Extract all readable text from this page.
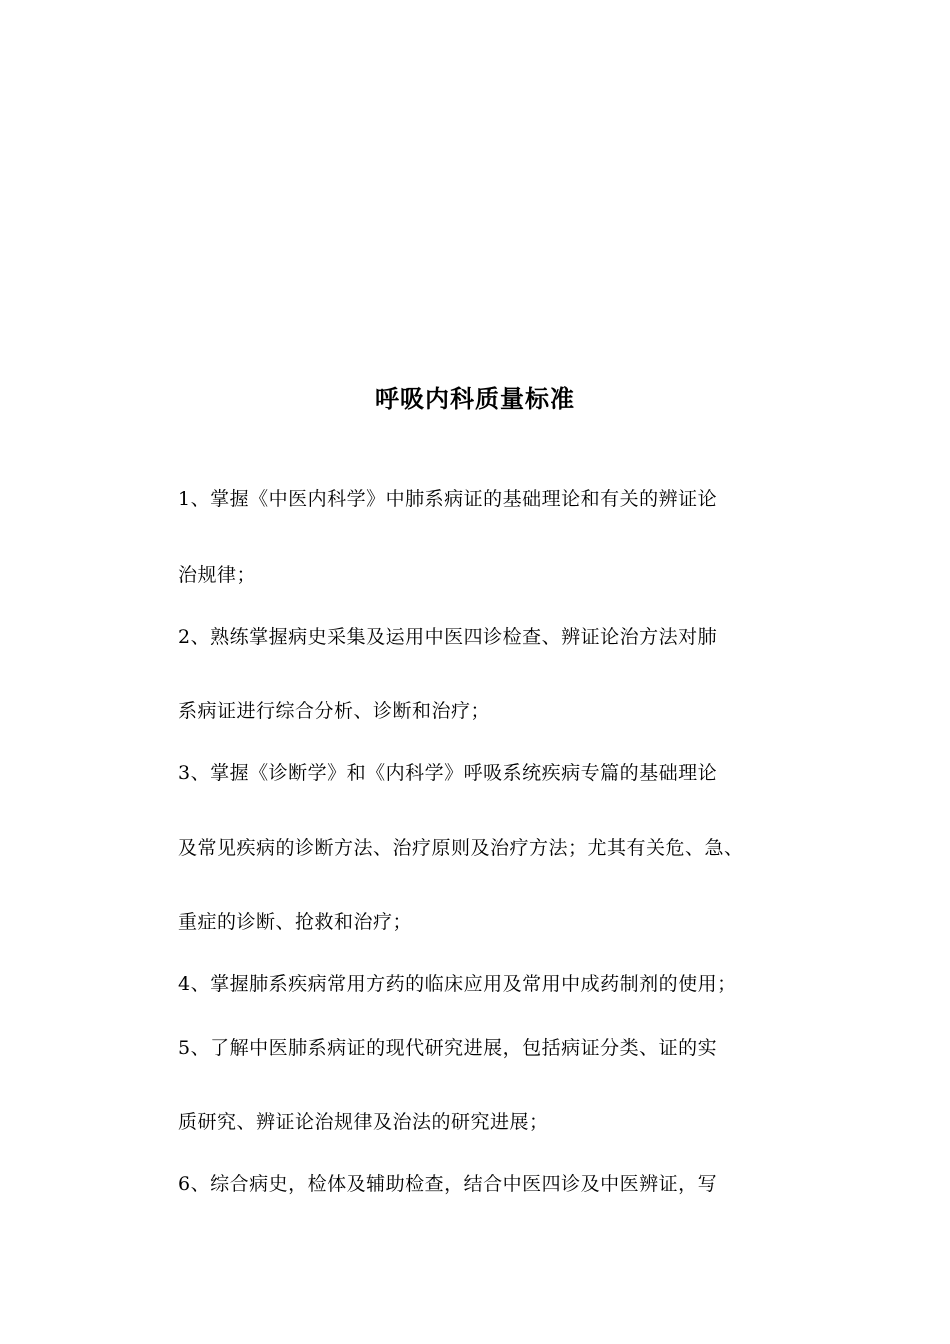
呼吸内科质量标准
1、掌握《中医内科学》中肺系病证的基础理论和有关的辨证论
治规律；
2、熟练掌握病史采集及运用中医四诊检查、辨证论治方法对肺
系病证进行综合分析、诊断和治疗；
3、掌握《诊断学》和《内科学》呼吸系统疾病专篇的基础理论
及常见疾病的诊断方法、治疗原则及治疗方法；尤其有关危、急、
重症的诊断、抢救和治疗；
4、掌握肺系疾病常用方药的临床应用及常用中成药制剂的使用；
5、了解中医肺系病证的现代研究进展，包括病证分类、证的实
质研究、辨证论治规律及治法的研究进展；
6、综合病史，检体及辅助检查，结合中医四诊及中医辨证，写
